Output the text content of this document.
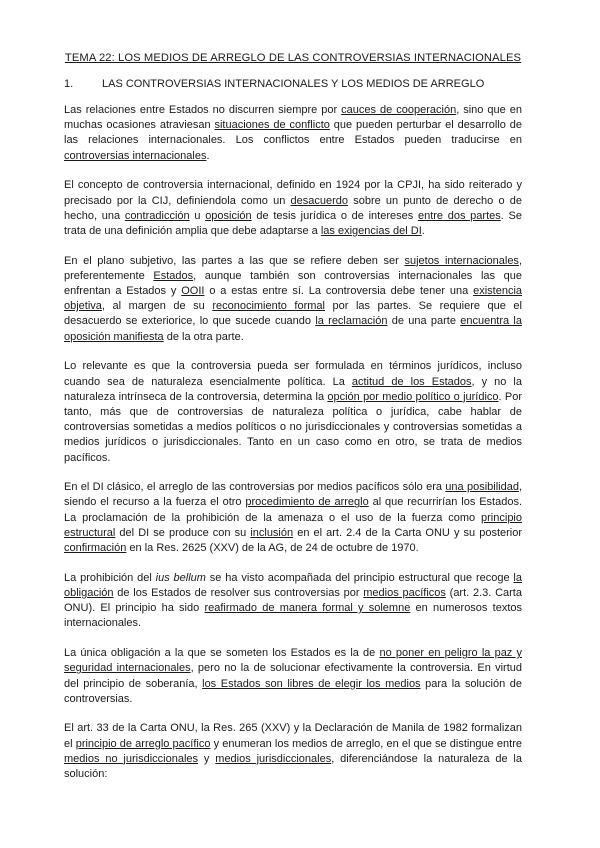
TEMA 22: LOS MEDIOS DE ARREGLO DE LAS CONTROVERSIAS INTERNACIONALES
1.	LAS CONTROVERSIAS INTERNACIONALES Y LOS MEDIOS DE ARREGLO

Las relaciones entre Estados no discurren siempre por cauces de cooperación, sino que en muchas ocasiones atraviesan situaciones de conflicto que pueden perturbar el desarrollo de las relaciones internacionales. Los conflictos entre Estados pueden traducirse en controversias internacionales.

El concepto de controversia internacional, definido en 1924 por la CPJI, ha sido reiterado y precisado por la CIJ, definiendola como un desacuerdo sobre un punto de derecho o de hecho, una contradicción u oposición de tesis jurídica o de intereses entre dos partes. Se trata de una definición amplia que debe adaptarse a las exigencias del DI.

En el plano subjetivo, las partes a las que se refiere deben ser sujetos internacionales, preferentemente Estados, aunque también son controversias internacionales las que enfrentan a Estados y OOII o a estas entre sí. La controversia debe tener una existencia objetiva, al margen de su reconocimiento formal por las partes. Se requiere que el desacuerdo se exteriorice, lo que sucede cuando la reclamación de una parte encuentra la oposición manifiesta de la otra parte.

Lo relevante es que la controversia pueda ser formulada en términos jurídicos, incluso cuando sea de naturaleza esencialmente política. La actitud de los Estados, y no la naturaleza intrínseca de la controversia, determina la opción por medio político o jurídico. Por tanto, más que de controversias de naturaleza política o jurídica, cabe hablar de controversias sometidas a medios políticos o no jurisdiccionales y controversias sometidas a medios jurídicos o jurisdiccionales. Tanto en un caso como en otro, se trata de medios pacíficos.

En el DI clásico, el arreglo de las controversias por medios pacíficos sólo era una posibilidad, siendo el recurso a la fuerza el otro procedimiento de arreglo al que recurrirían los Estados. La proclamación de la prohibición de la amenaza o el uso de la fuerza como principio estructural del DI se produce con su inclusión en el art. 2.4 de la Carta ONU y su posterior confirmación en la Res. 2625 (XXV) de la AG, de 24 de octubre de 1970.

La prohibición del ius bellum se ha visto acompañada del principio estructural que recoge la obligación de los Estados de resolver sus controversias por medios pacíficos (art. 2.3. Carta ONU). El principio ha sido reafirmado de manera formal y solemne en numerosos textos internacionales.

La única obligación a la que se someten los Estados es la de no poner en peligro la paz y seguridad internacionales, pero no la de solucionar efectivamente la controversia. En virtud del principio de soberanía, los Estados son libres de elegir los medios para la solución de controversias.

El art. 33 de la Carta ONU, la Res. 265 (XXV) y la Declaración de Manila de 1982 formalizan el principio de arreglo pacífico y enumeran los medios de arreglo, en el que se distingue entre medios no jurisdiccionales y medios jurisdiccionales, diferenciándose la naturaleza de la solución:
